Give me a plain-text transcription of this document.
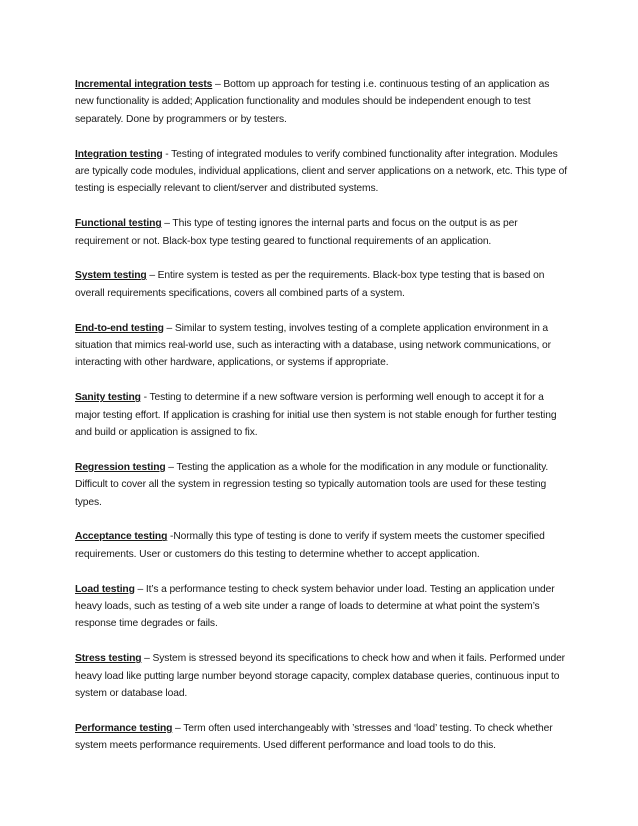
Incremental integration tests – Bottom up approach for testing i.e. continuous testing of an application as new functionality is added; Application functionality and modules should be independent enough to test separately. Done by programmers or by testers.

Integration testing - Testing of integrated modules to verify combined functionality after integration. Modules are typically code modules, individual applications, client and server applications on a network, etc. This type of testing is especially relevant to client/server and distributed systems.

Functional testing – This type of testing ignores the internal parts and focus on the output is as per requirement or not. Black-box type testing geared to functional requirements of an application.

System testing – Entire system is tested as per the requirements. Black-box type testing that is based on overall requirements specifications, covers all combined parts of a system.

End-to-end testing – Similar to system testing, involves testing of a complete application environment in a situation that mimics real-world use, such as interacting with a database, using network communications, or interacting with other hardware, applications, or systems if appropriate.

Sanity testing - Testing to determine if a new software version is performing well enough to accept it for a major testing effort. If application is crashing for initial use then system is not stable enough for further testing and build or application is assigned to fix.

Regression testing – Testing the application as a whole for the modification in any module or functionality. Difficult to cover all the system in regression testing so typically automation tools are used for these testing types.

Acceptance testing -Normally this type of testing is done to verify if system meets the customer specified requirements. User or customers do this testing to determine whether to accept application.

Load testing – It’s a performance testing to check system behavior under load. Testing an application under heavy loads, such as testing of a web site under a range of loads to determine at what point the system’s response time degrades or fails.

Stress testing – System is stressed beyond its specifications to check how and when it fails. Performed under heavy load like putting large number beyond storage capacity, complex database queries, continuous input to system or database load.

Performance testing – Term often used interchangeably with ’stresses and ‘load’ testing. To check whether system meets performance requirements. Used different performance and load tools to do this.
